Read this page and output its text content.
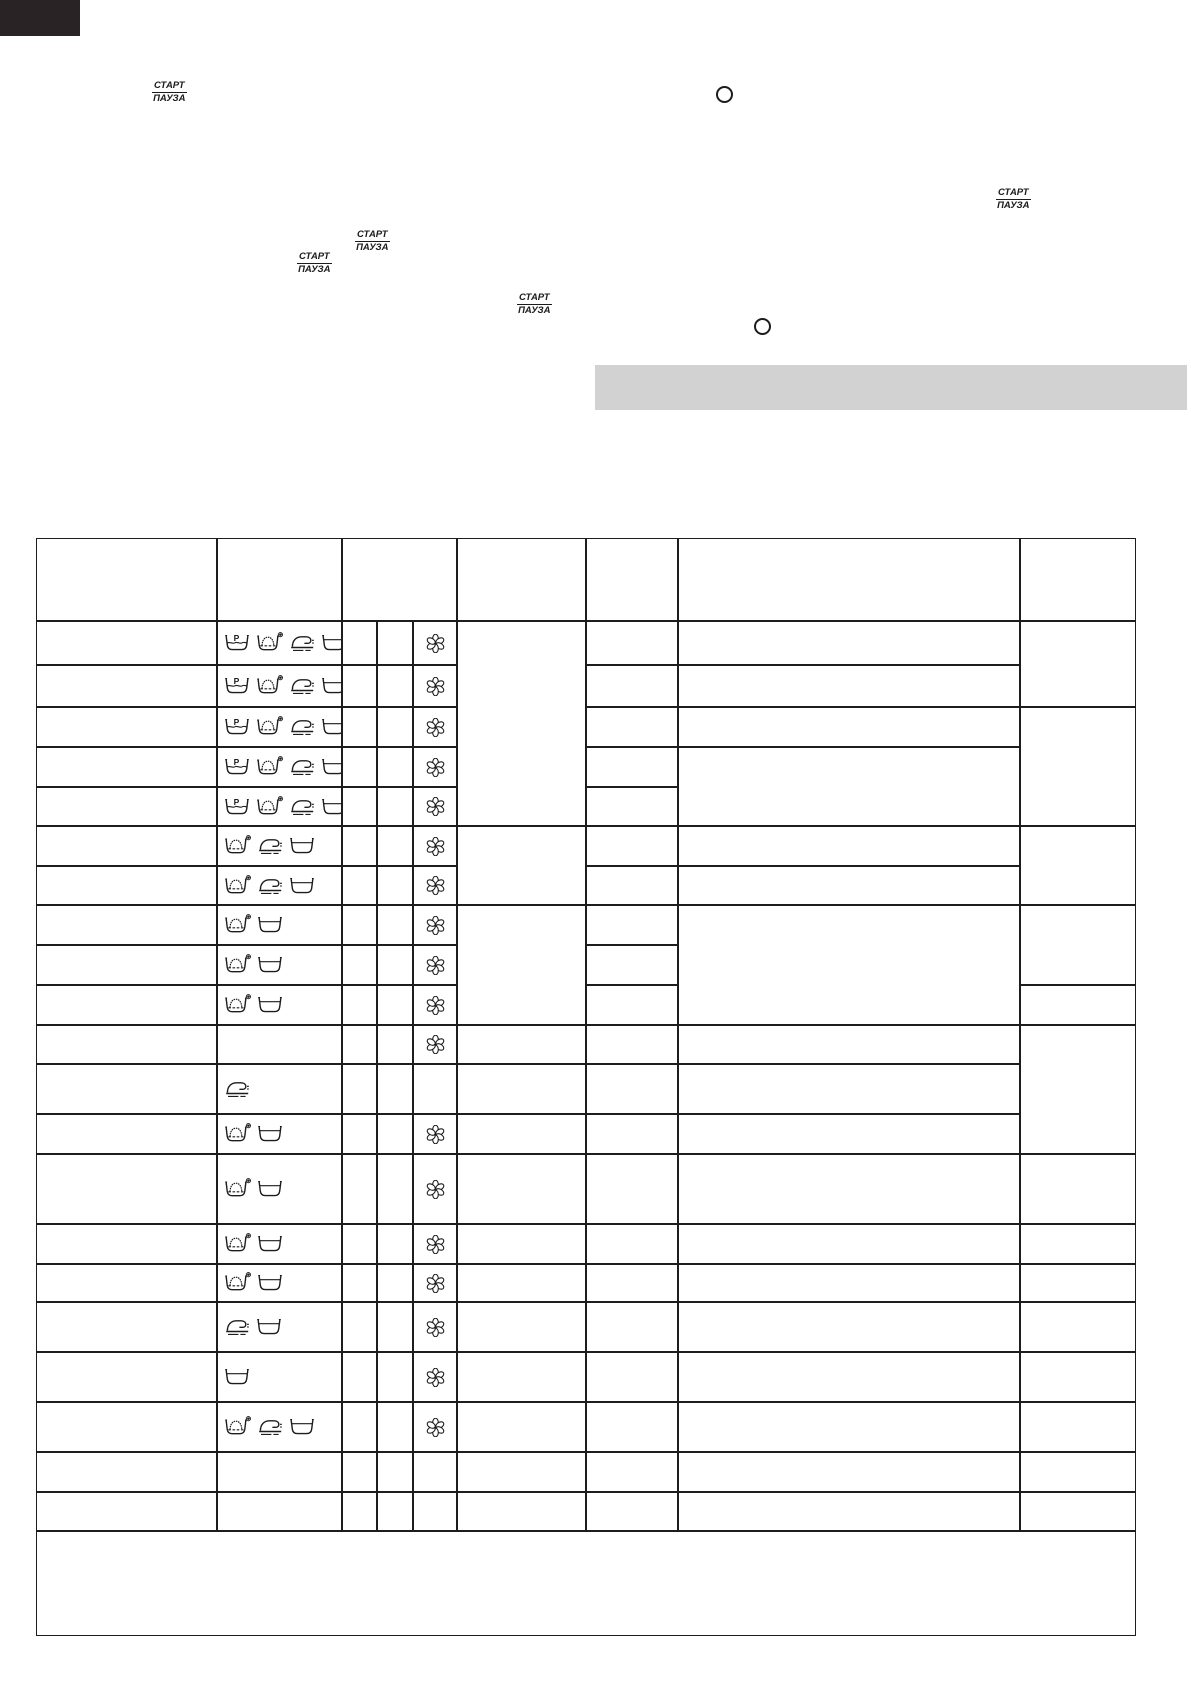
СТАРТ
ПАУЗА
СТАРТ
ПАУЗА
СТАРТ
ПАУЗА
СТАРТ
ПАУЗА
СТАРТ
ПАУЗА
P
P
P
P
P
